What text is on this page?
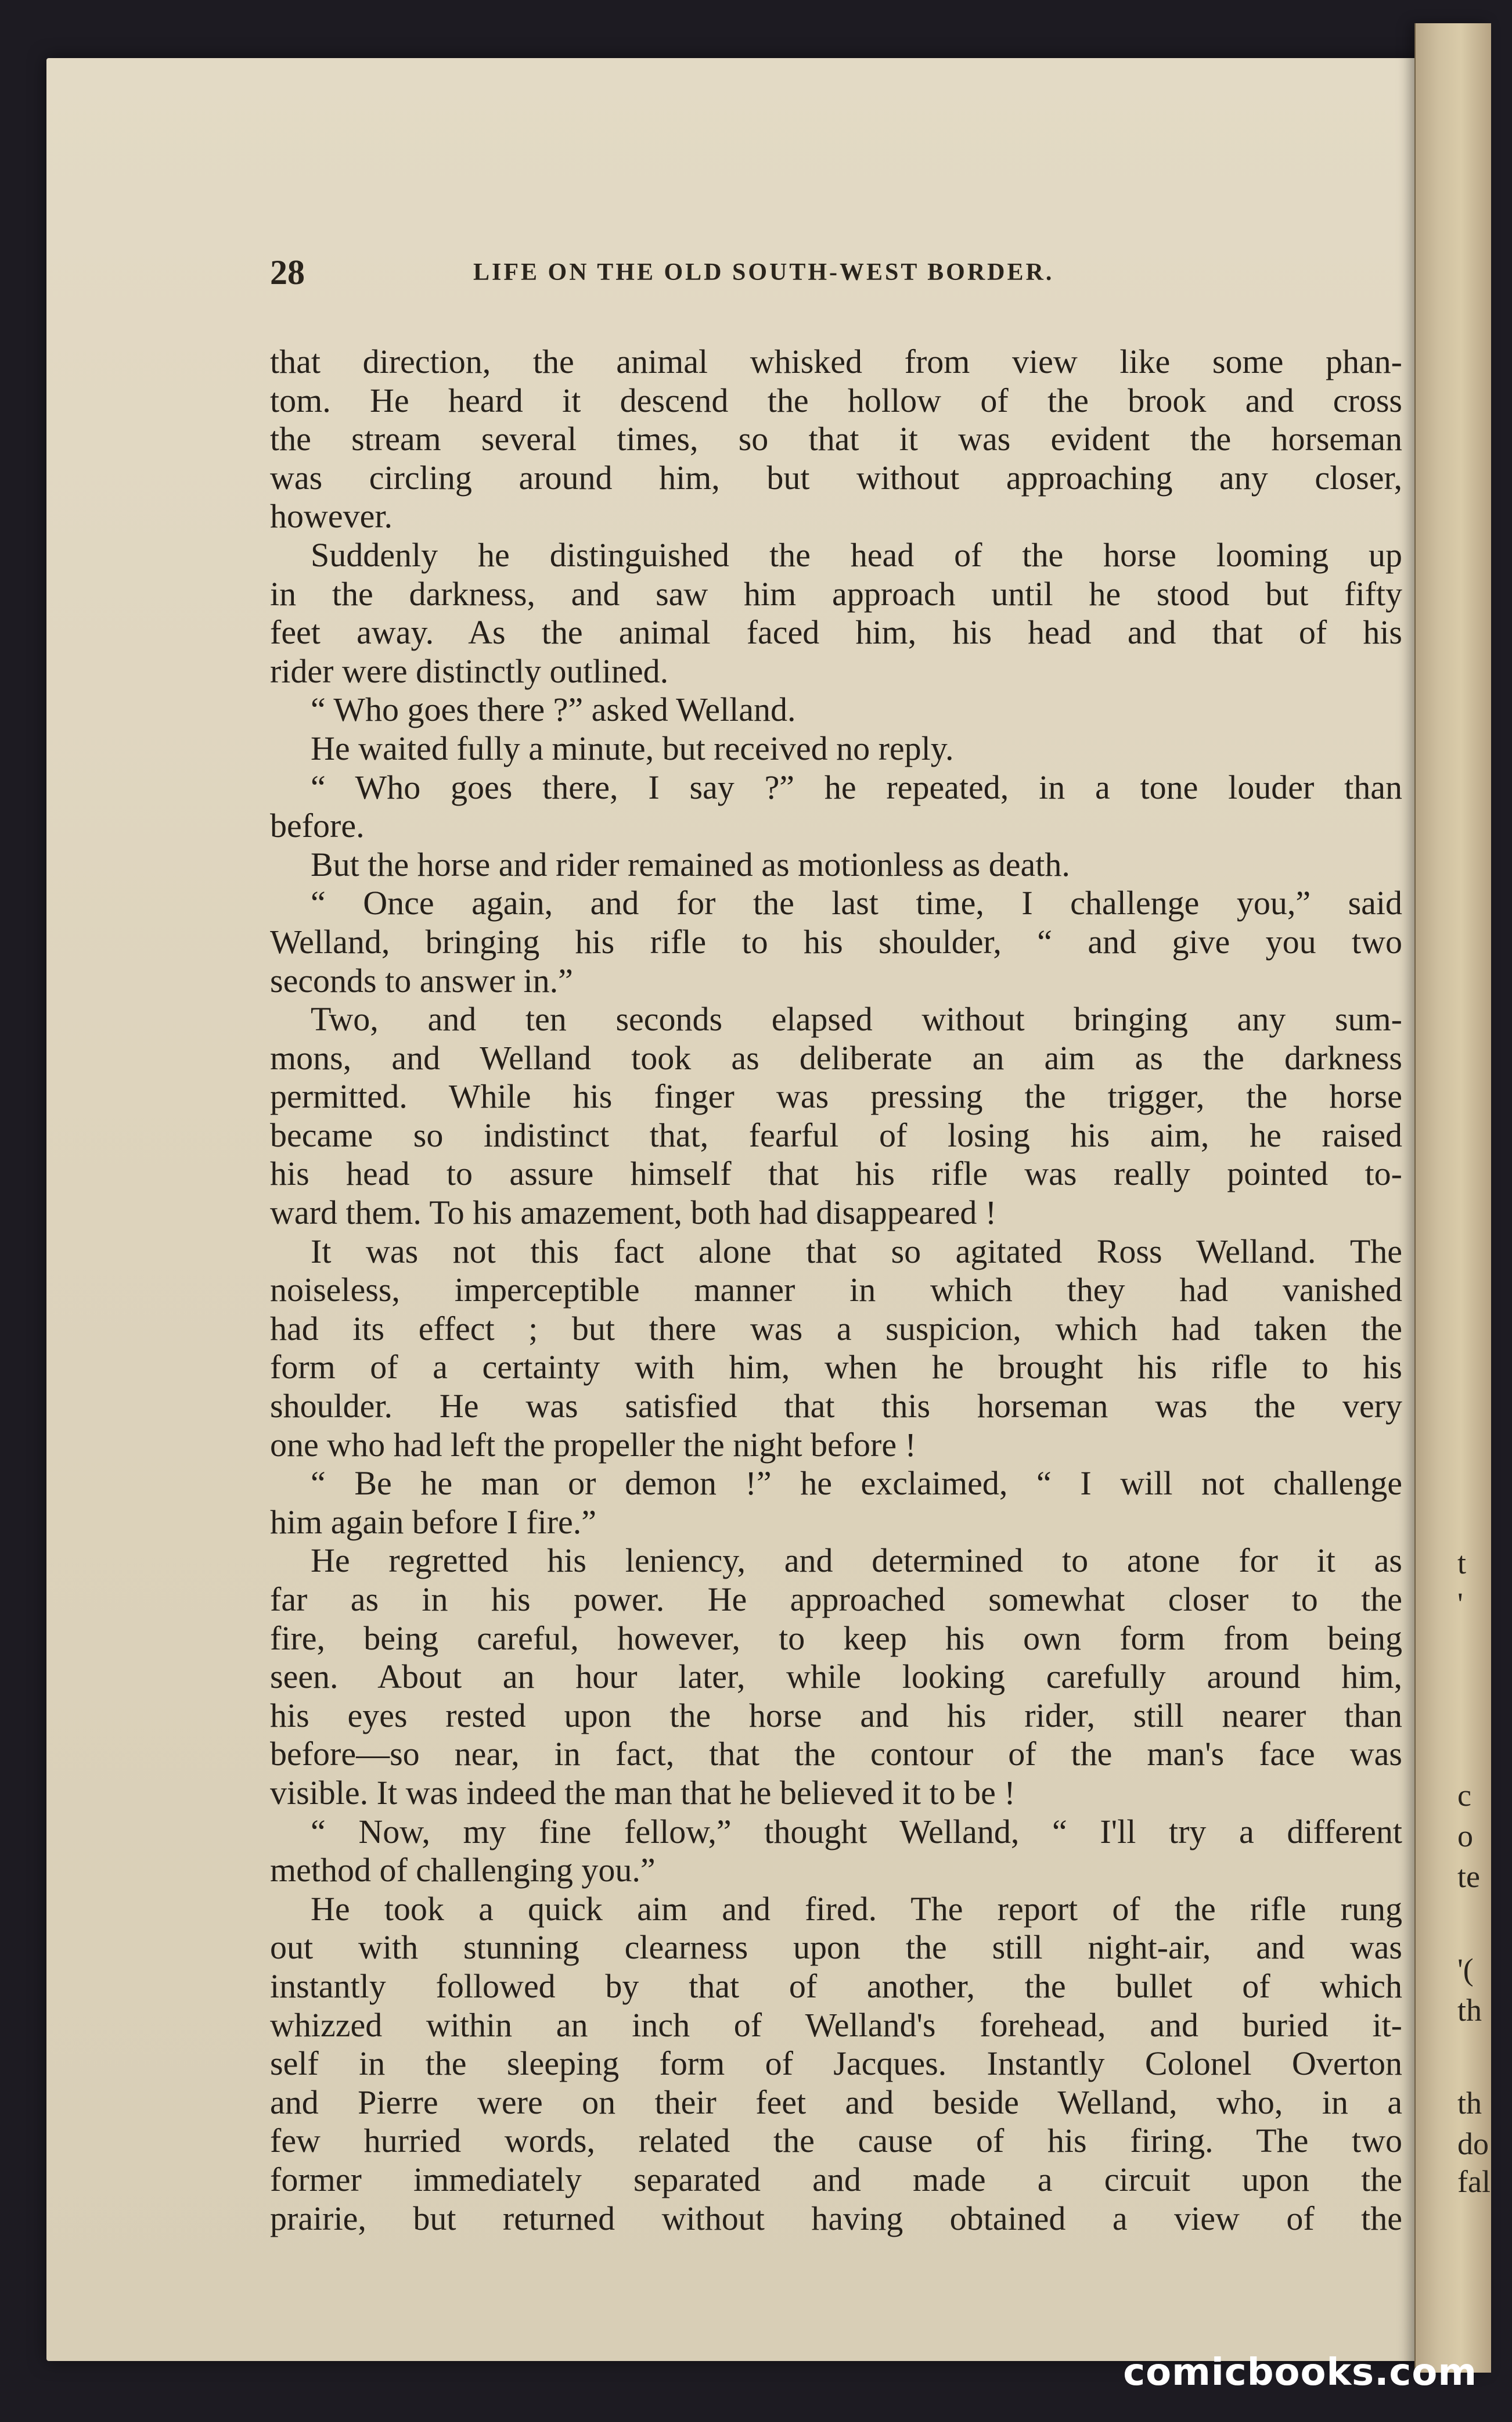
28	LIFE ON THE OLD SOUTH-WEST BORDER.
that direction, the animal whisked from view like some phan-
tom. He heard it descend the hollow of the brook and cross
the stream several times, so that it was evident the horseman
was circling around him, but without approaching any closer,
however.
Suddenly he distinguished the head of the horse looming up
in the darkness, and saw him approach until he stood but fifty
feet away. As the animal faced him, his head and that of his
rider were distinctly outlined.
“ Who goes there ?” asked Welland.
He waited fully a minute, but received no reply.
“ Who goes there, I say ?” he repeated, in a tone louder than
before.
But the horse and rider remained as motionless as death.
“ Once again, and for the last time, I challenge you,” said
Welland, bringing his rifle to his shoulder, “ and give you two
seconds to answer in.”
Two, and ten seconds elapsed without bringing any sum-
mons, and Welland took as deliberate an aim as the darkness
permitted. While his finger was pressing the trigger, the horse
became so indistinct that, fearful of losing his aim, he raised
his head to assure himself that his rifle was really pointed to-
ward them. To his amazement, both had disappeared !
It was not this fact alone that so agitated Ross Welland. The
noiseless, imperceptible manner in which they had vanished
had its effect ; but there was a suspicion, which had taken the
form of a certainty with him, when he brought his rifle to his
shoulder. He was satisfied that this horseman was the very
one who had left the propeller the night before !
“ Be he man or demon !” he exclaimed, “ I will not challenge
him again before I fire.”
He regretted his leniency, and determined to atone for it as
far as in his power. He approached somewhat closer to the
fire, being careful, however, to keep his own form from being
seen. About an hour later, while looking carefully around him,
his eyes rested upon the horse and his rider, still nearer than
before—so near, in fact, that the contour of the man's face was
visible. It was indeed the man that he believed it to be !
“ Now, my fine fellow,” thought Welland, “ I'll try a different
method of challenging you.”
He took a quick aim and fired. The report of the rifle rung
out with stunning clearness upon the still night-air, and was
instantly followed by that of another, the bullet of which
whizzed within an inch of Welland's forehead, and buried it-
self in the sleeping form of Jacques. Instantly Colonel Overton
and Pierre were on their feet and beside Welland, who, in a
few hurried words, related the cause of his firing. The two
former immediately separated and made a circuit upon the
prairie, but returned without having obtained a view of the
t
'
c
o
te
'(
th
th
do
fal
comicbooks.com
